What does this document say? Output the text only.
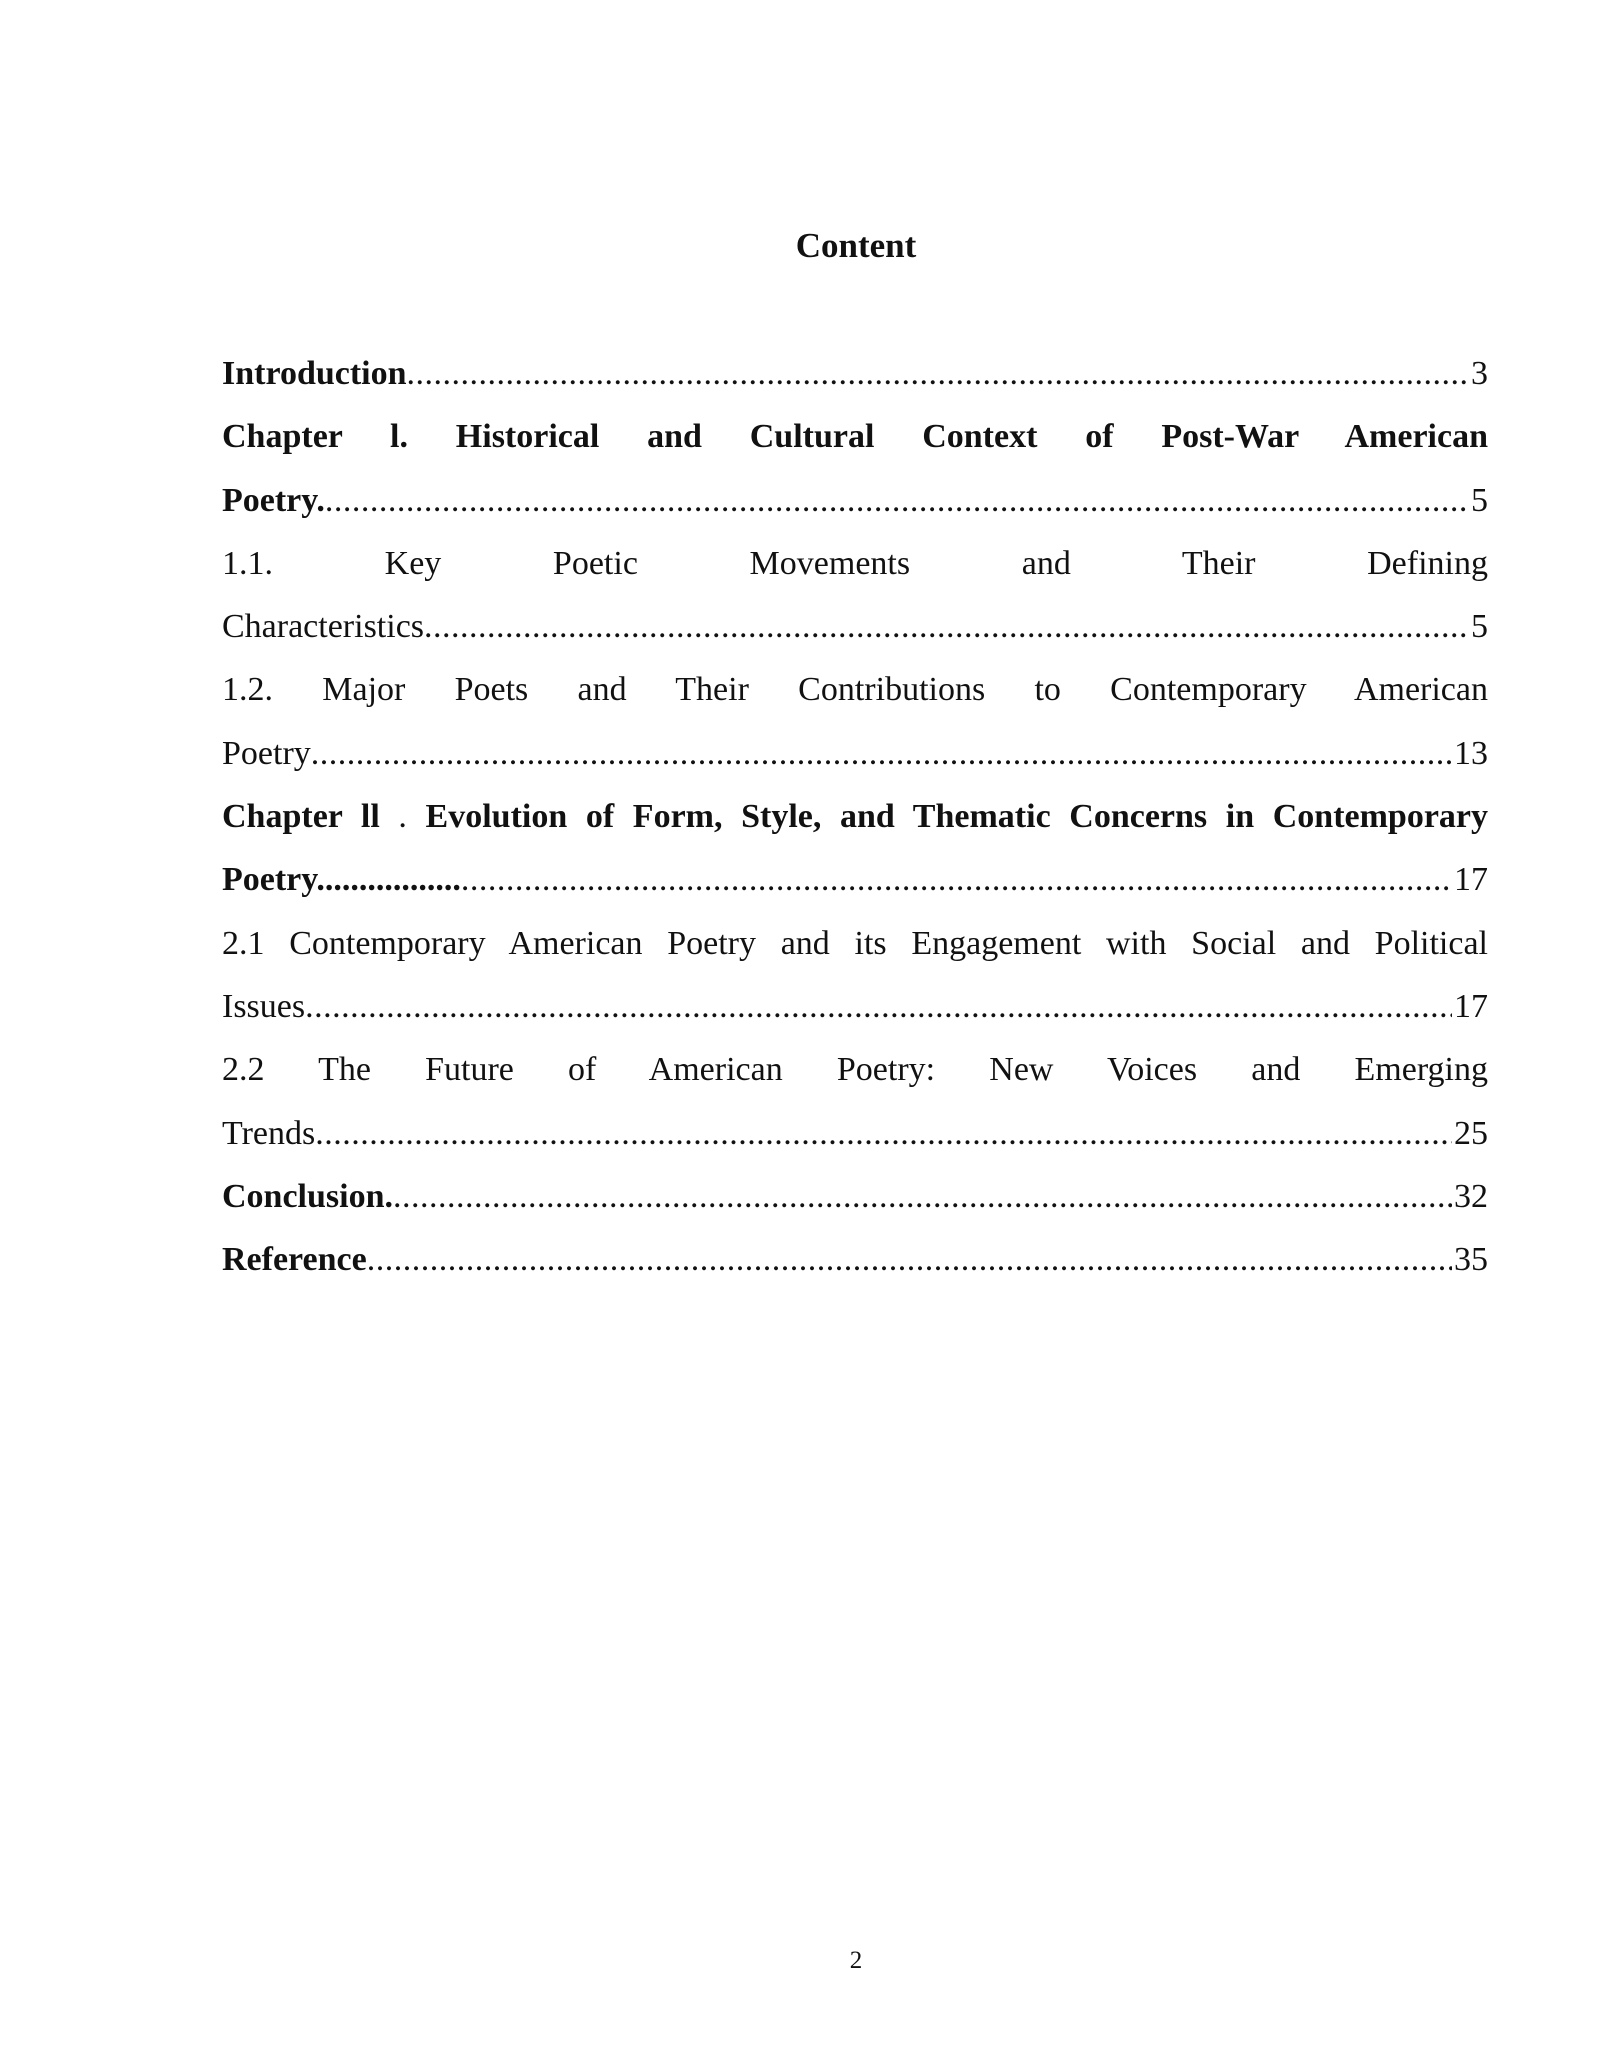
Content
Introduction .....	3
Chapter l. Historical and Cultural Context of Post-War American
Poetry. .....	5
1.1. Key Poetic Movements and Their Defining
Characteristics .....	5
1.2. Major Poets and Their Contributions to Contemporary American
Poetry .....	13
Chapter ll . Evolution of Form, Style, and Thematic Concerns in Contemporary
Poetry................. .....	17
2.1 Contemporary American Poetry and its Engagement with Social and Political
Issues .....	17
2.2 The Future of American Poetry: New Voices and Emerging
Trends .....	25
Conclusion. .....	32
Reference .....	35
2
